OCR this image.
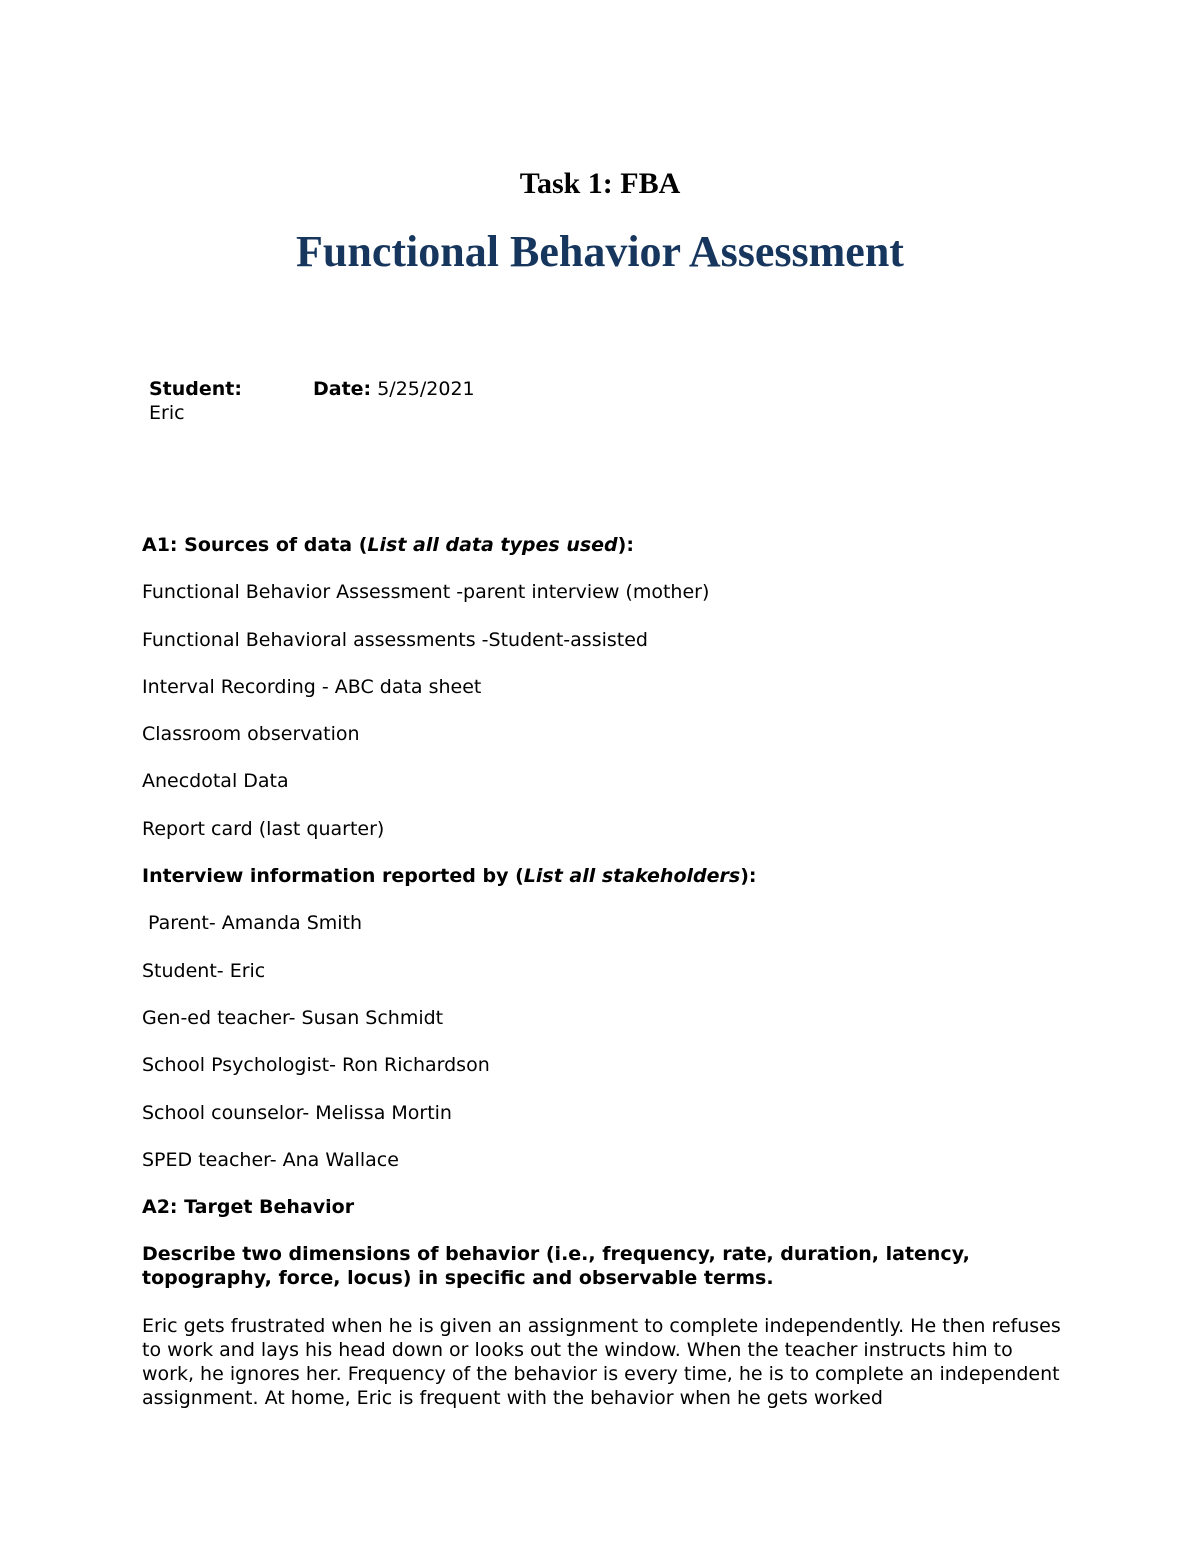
Task 1: FBA
Functional Behavior Assessment
Student:
Eric
Date: 5/25/2021

A1: Sources of data (List all data types used):

Functional Behavior Assessment -parent interview (mother)

Functional Behavioral assessments -Student-assisted

Interval Recording - ABC data sheet

Classroom observation

Anecdotal Data

Report card (last quarter)

Interview information reported by (List all stakeholders):

Parent- Amanda Smith

Student- Eric

Gen-ed teacher- Susan Schmidt

School Psychologist- Ron Richardson

School counselor- Melissa Mortin

SPED teacher- Ana Wallace

A2: Target Behavior

Describe two dimensions of behavior (i.e., frequency, rate, duration, latency, topography, force, locus) in specific and observable terms.

Eric gets frustrated when he is given an assignment to complete independently. He then refuses to work and lays his head down or looks out the window. When the teacher instructs him to work, he ignores her. Frequency of the behavior is every time, he is to complete an independent assignment. At home, Eric is frequent with the behavior when he gets worked
